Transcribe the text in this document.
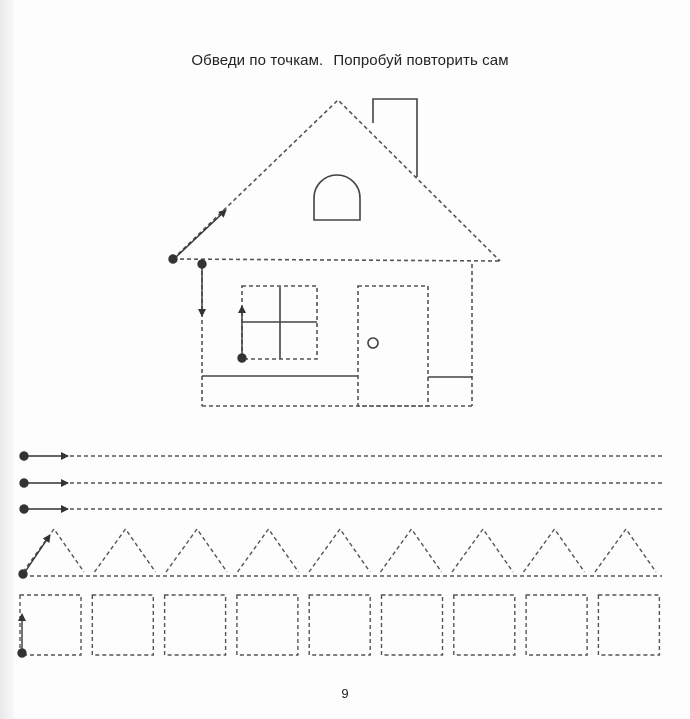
Обведи по точкам. Попробуй повторить сам
9
